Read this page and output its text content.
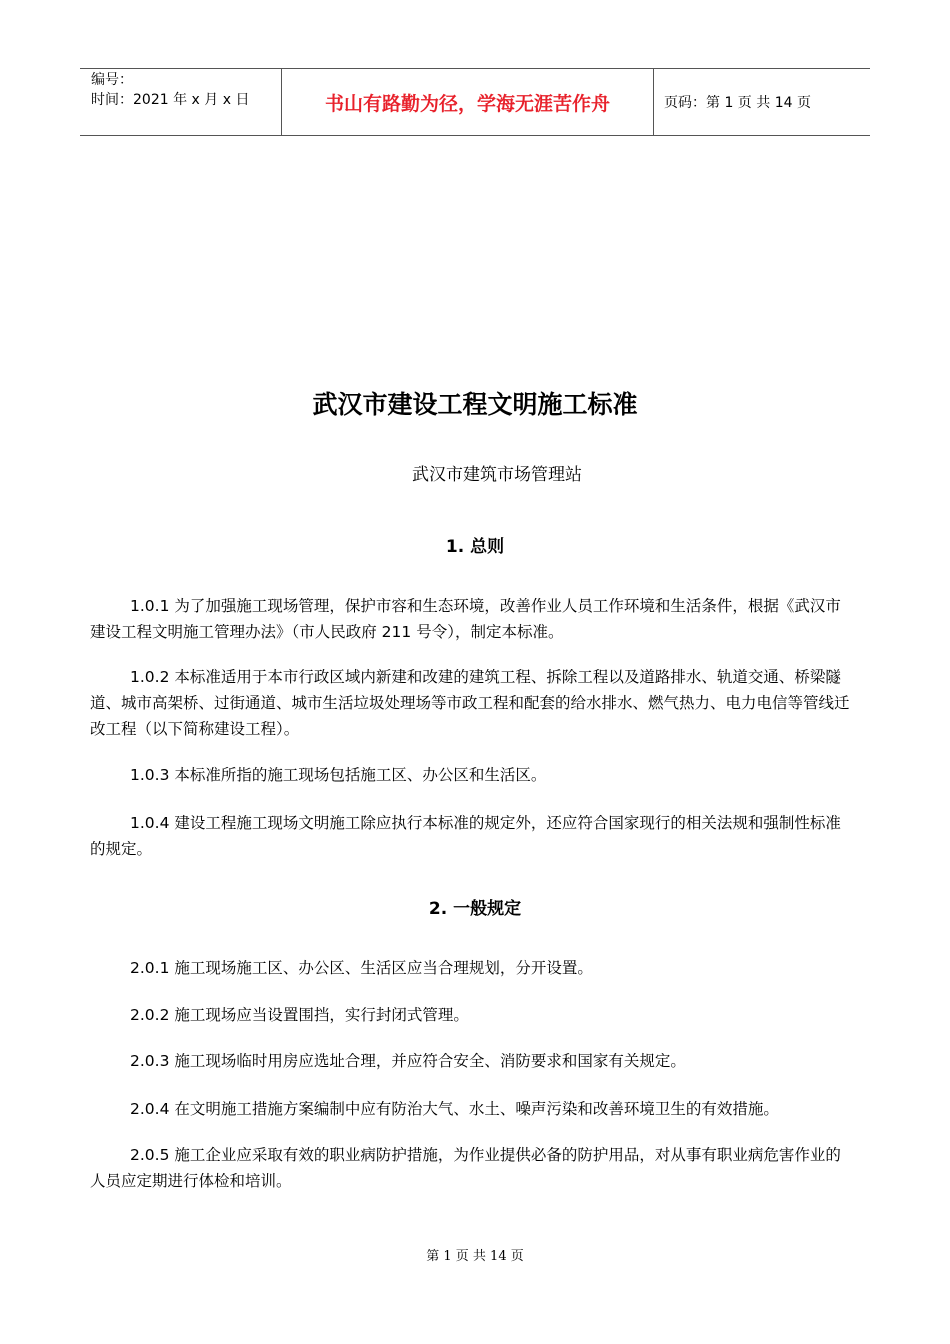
编号：
时间：2021 年 x 月 x 日	书山有路勤为径，学海无涯苦作舟	页码：第 1 页 共 14 页
武汉市建设工程文明施工标准
武汉市建筑市场管理站
1. 总则
1.0.1 为了加强施工现场管理，保护市容和生态环境，改善作业人员工作环境和生活条件，根据《武汉市建设工程文明施工管理办法》（市人民政府 211 号令），制定本标准。
1.0.2 本标准适用于本市行政区域内新建和改建的建筑工程、拆除工程以及道路排水、轨道交通、桥梁隧道、城市高架桥、过街通道、城市生活垃圾处理场等市政工程和配套的给水排水、燃气热力、电力电信等管线迁改工程（以下简称建设工程）。
1.0.3 本标准所指的施工现场包括施工区、办公区和生活区。
1.0.4 建设工程施工现场文明施工除应执行本标准的规定外，还应符合国家现行的相关法规和强制性标准的规定。
2. 一般规定
2.0.1 施工现场施工区、办公区、生活区应当合理规划，分开设置。
2.0.2 施工现场应当设置围挡，实行封闭式管理。
2.0.3 施工现场临时用房应选址合理，并应符合安全、消防要求和国家有关规定。
2.0.4 在文明施工措施方案编制中应有防治大气、水土、噪声污染和改善环境卫生的有效措施。
2.0.5 施工企业应采取有效的职业病防护措施，为作业提供必备的防护用品，对从事有职业病危害作业的人员应定期进行体检和培训。
第 1 页 共 14 页
